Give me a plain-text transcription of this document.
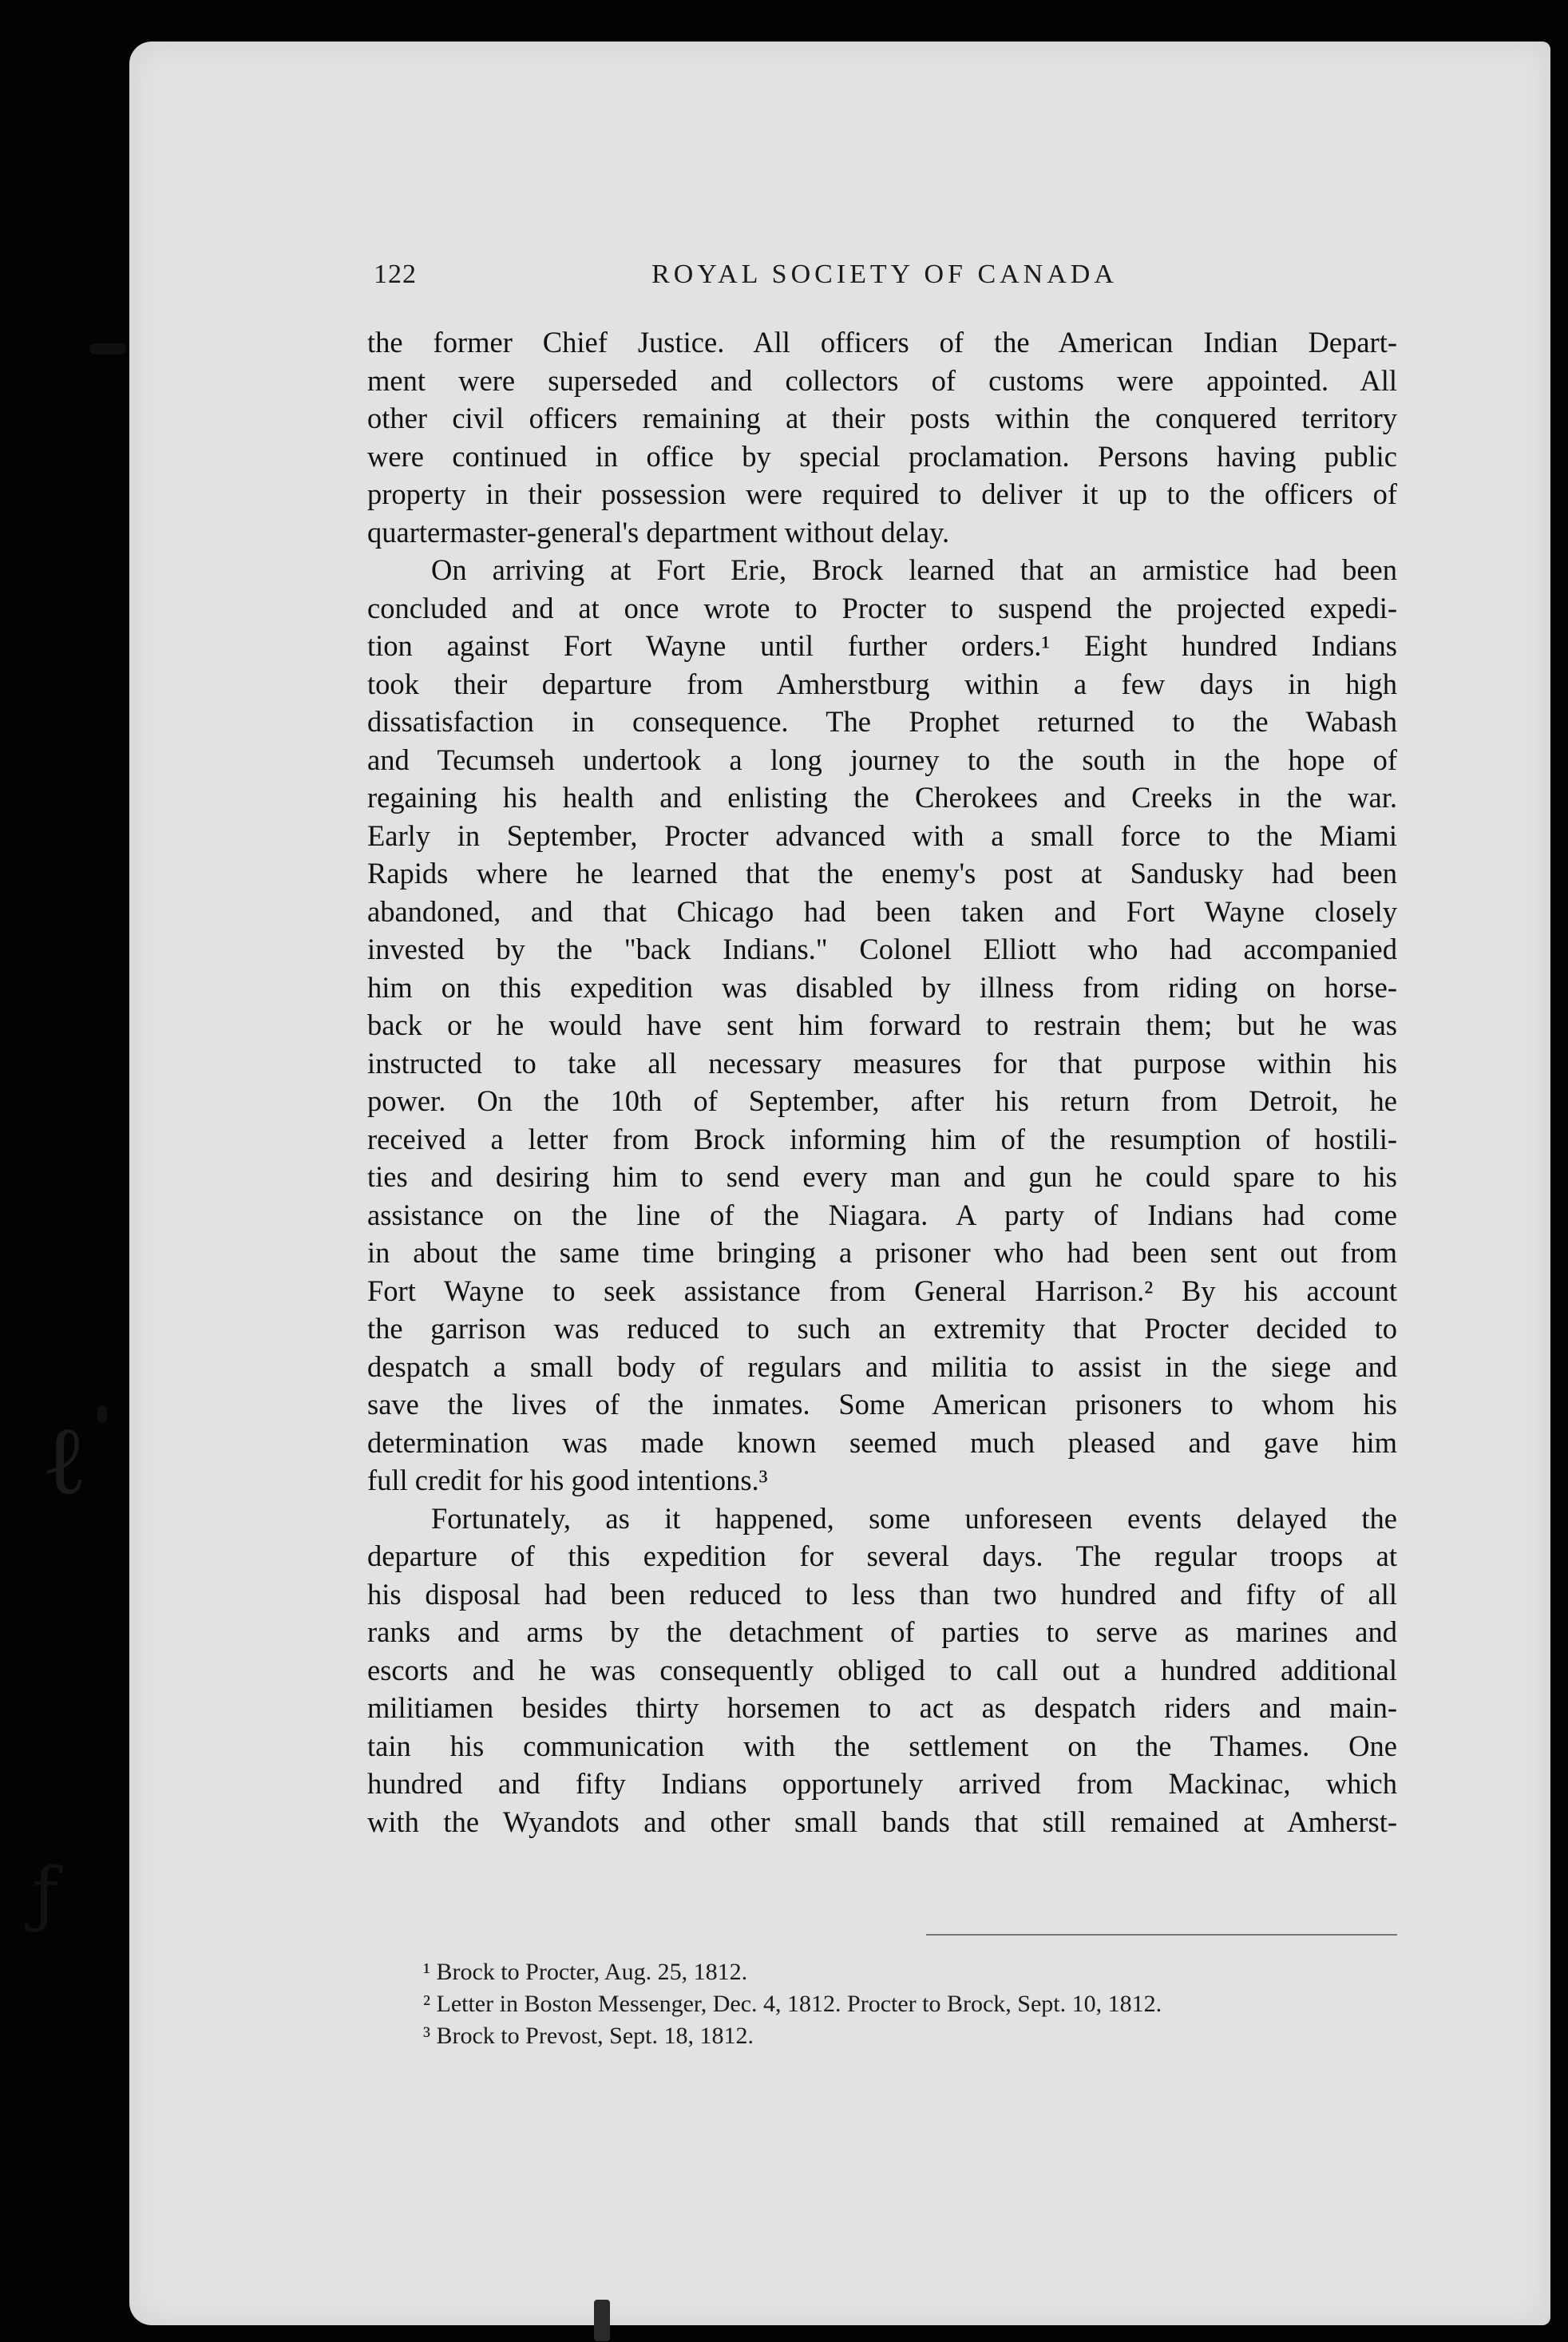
ℓ
ƒ
122	ROYAL SOCIETY OF CANADA
the former Chief Justice. All officers of the American Indian Depart-
ment were superseded and collectors of customs were appointed. All
other civil officers remaining at their posts within the conquered territory
were continued in office by special proclamation. Persons having public
property in their possession were required to deliver it up to the officers of
quartermaster-general's department without delay.
On arriving at Fort Erie, Brock learned that an armistice had been
concluded and at once wrote to Procter to suspend the projected expedi-
tion against Fort Wayne until further orders.¹ Eight hundred Indians
took their departure from Amherstburg within a few days in high
dissatisfaction in consequence. The Prophet returned to the Wabash
and Tecumseh undertook a long journey to the south in the hope of
regaining his health and enlisting the Cherokees and Creeks in the war.
Early in September, Procter advanced with a small force to the Miami
Rapids where he learned that the enemy's post at Sandusky had been
abandoned, and that Chicago had been taken and Fort Wayne closely
invested by the "back Indians." Colonel Elliott who had accompanied
him on this expedition was disabled by illness from riding on horse-
back or he would have sent him forward to restrain them; but he was
instructed to take all necessary measures for that purpose within his
power. On the 10th of September, after his return from Detroit, he
received a letter from Brock informing him of the resumption of hostili-
ties and desiring him to send every man and gun he could spare to his
assistance on the line of the Niagara. A party of Indians had come
in about the same time bringing a prisoner who had been sent out from
Fort Wayne to seek assistance from General Harrison.² By his account
the garrison was reduced to such an extremity that Procter decided to
despatch a small body of regulars and militia to assist in the siege and
save the lives of the inmates. Some American prisoners to whom his
determination was made known seemed much pleased and gave him
full credit for his good intentions.³
Fortunately, as it happened, some unforeseen events delayed the
departure of this expedition for several days. The regular troops at
his disposal had been reduced to less than two hundred and fifty of all
ranks and arms by the detachment of parties to serve as marines and
escorts and he was consequently obliged to call out a hundred additional
militiamen besides thirty horsemen to act as despatch riders and main-
tain his communication with the settlement on the Thames. One
hundred and fifty Indians opportunely arrived from Mackinac, which
with the Wyandots and other small bands that still remained at Amherst-
¹ Brock to Procter, Aug. 25, 1812.
² Letter in Boston Messenger, Dec. 4, 1812. Procter to Brock, Sept. 10, 1812.
³ Brock to Prevost, Sept. 18, 1812.
